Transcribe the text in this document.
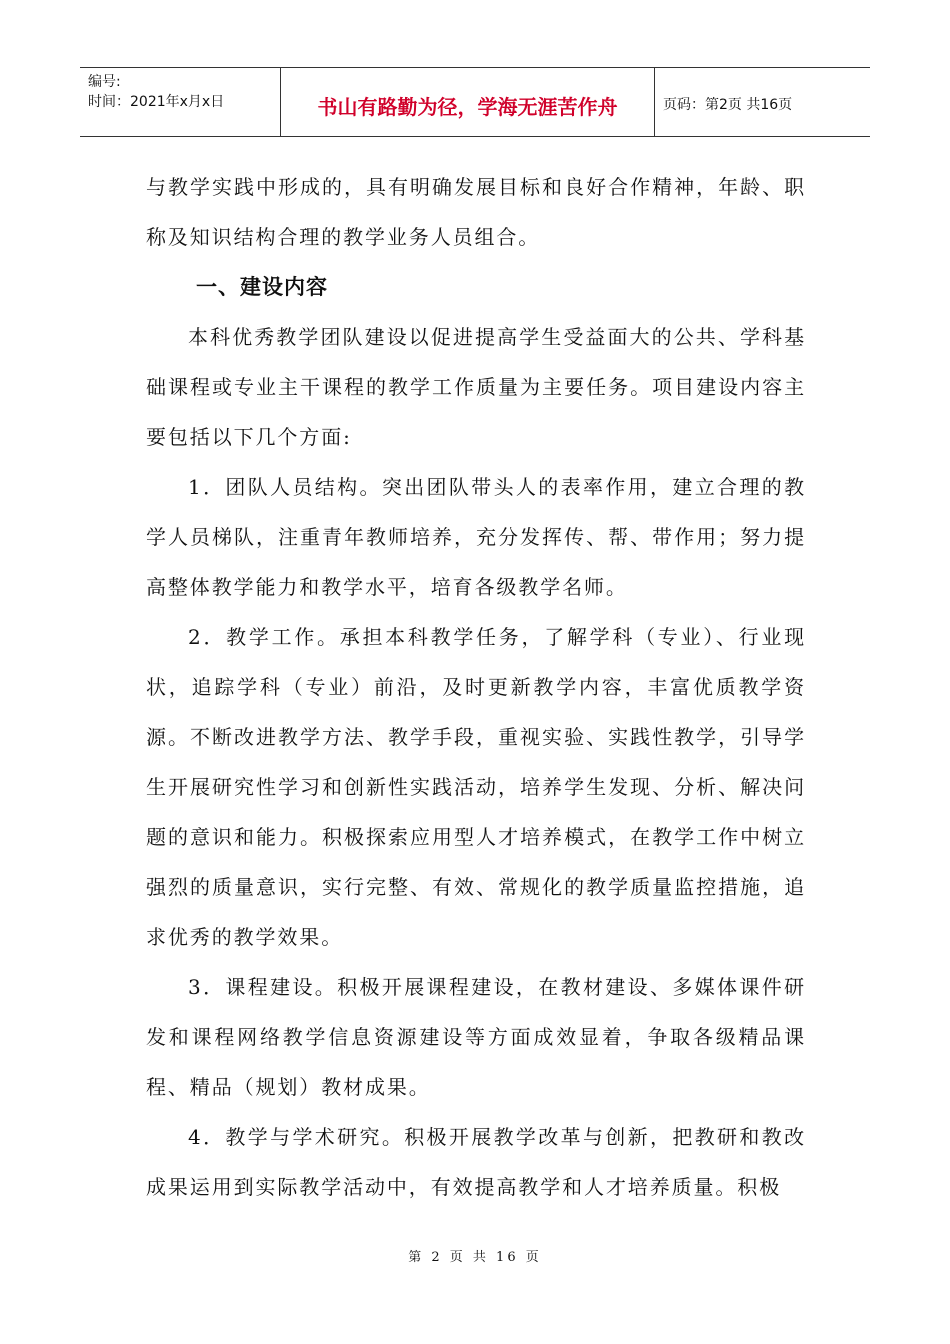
编号:
时间：2021年x月x日	书山有路勤为径，学海无涯苦作舟	页码：第2页 共16页

与教学实践中形成的，具有明确发展目标和良好合作精神，年龄、职称及知识结构合理的教学业务人员组合。

一、建设内容

本科优秀教学团队建设以促进提高学生受益面大的公共、学科基础课程或专业主干课程的教学工作质量为主要任务。项目建设内容主要包括以下几个方面:

1．团队人员结构。突出团队带头人的表率作用，建立合理的教学人员梯队，注重青年教师培养，充分发挥传、帮、带作用；努力提高整体教学能力和教学水平，培育各级教学名师。

2．教学工作。承担本科教学任务，了解学科（专业）、行业现状，追踪学科（专业）前沿，及时更新教学内容，丰富优质教学资源。不断改进教学方法、教学手段，重视实验、实践性教学，引导学生开展研究性学习和创新性实践活动，培养学生发现、分析、解决问题的意识和能力。积极探索应用型人才培养模式，在教学工作中树立强烈的质量意识，实行完整、有效、常规化的教学质量监控措施，追求优秀的教学效果。

3．课程建设。积极开展课程建设，在教材建设、多媒体课件研发和课程网络教学信息资源建设等方面成效显着，争取各级精品课程、精品（规划）教材成果。

4．教学与学术研究。积极开展教学改革与创新，把教研和教改成果运用到实际教学活动中，有效提高教学和人才培养质量。积极

第 2 页 共 16 页
